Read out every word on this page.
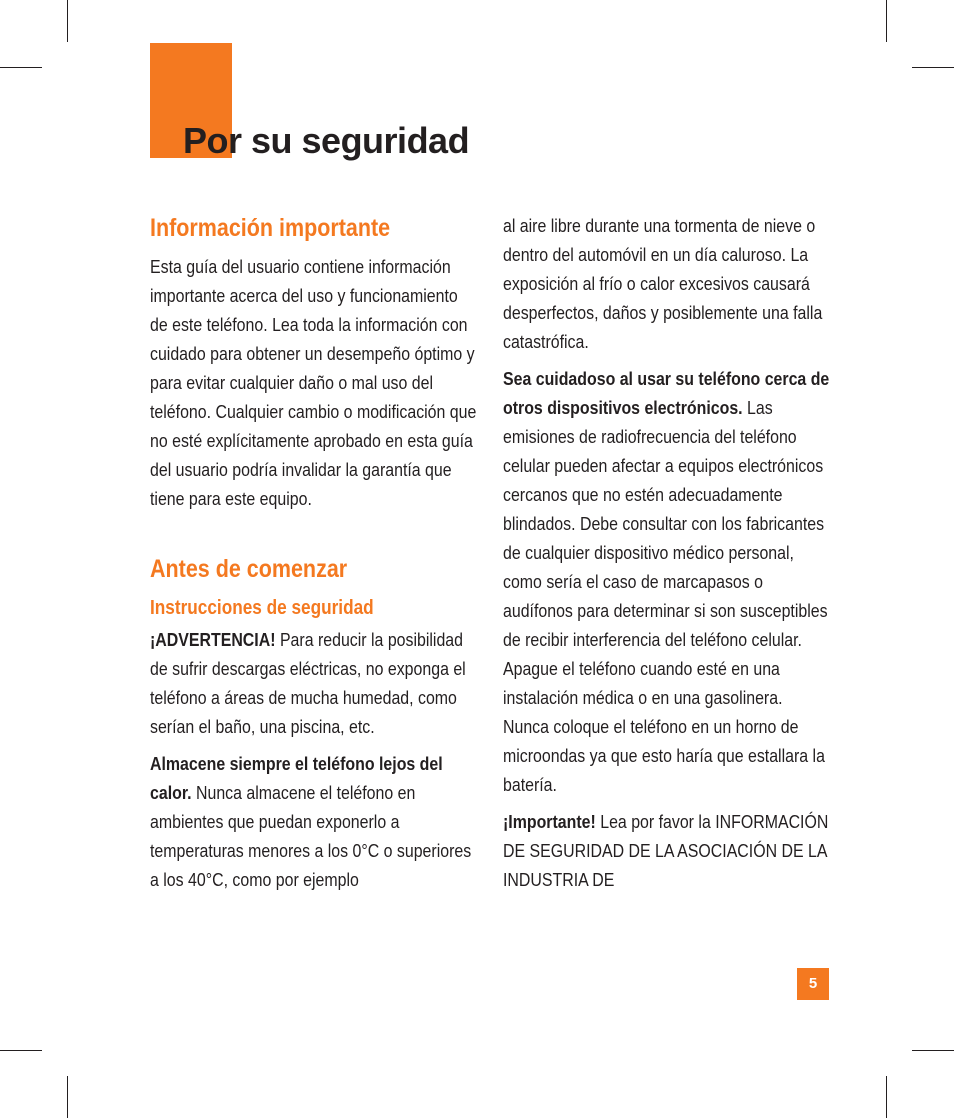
Por su seguridad
Información importante

Esta guía del usuario contiene información importante acerca del uso y funcionamiento de este teléfono. Lea toda la información con cuidado para obtener un desempeño óptimo y para evitar cualquier daño o mal uso del teléfono. Cualquier cambio o modificación que no esté explícitamente aprobado en esta guía del usuario podría invalidar la garantía que tiene para este equipo.

Antes de comenzar
Instrucciones de seguridad

¡ADVERTENCIA! Para reducir la posibilidad de sufrir descargas eléctricas, no exponga el teléfono a áreas de mucha humedad, como serían el baño, una piscina, etc.

Almacene siempre el teléfono lejos del calor. Nunca almacene el teléfono en ambientes que puedan exponerlo a temperaturas menores a los 0°C o superiores a los 40°C, como por ejemplo

al aire libre durante una tormenta de nieve o dentro del automóvil en un día caluroso. La exposición al frío o calor excesivos causará desperfectos, daños y posiblemente una falla catastrófica.

Sea cuidadoso al usar su teléfono cerca de otros dispositivos electrónicos. Las emisiones de radiofrecuencia del teléfono celular pueden afectar a equipos electrónicos cercanos que no estén adecuadamente blindados. Debe consultar con los fabricantes de cualquier dispositivo médico personal, como sería el caso de marcapasos o audífonos para determinar si son susceptibles de recibir interferencia del teléfono celular. Apague el teléfono cuando esté en una instalación médica o en una gasolinera. Nunca coloque el teléfono en un horno de microondas ya que esto haría que estallara la batería.

¡Importante! Lea por favor la INFORMACIÓN DE SEGURIDAD DE LA ASOCIACIÓN DE LA INDUSTRIA DE

5
